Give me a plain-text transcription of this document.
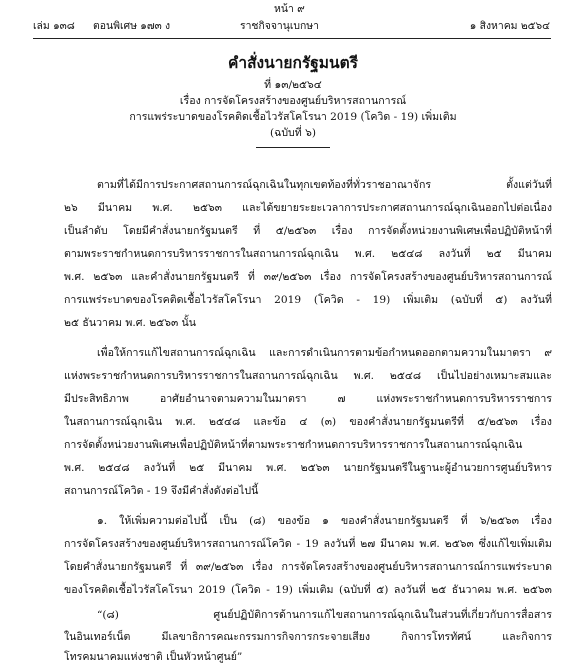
หน้า ๙
เล่ม ๑๓๘ ตอนพิเศษ ๑๗๓ ง	ราชกิจจานุเบกษา	๑ สิงหาคม ๒๕๖๔
คำสั่งนายกรัฐมนตรี
ที่ ๑๓/๒๕๖๔
เรื่อง การจัดโครงสร้างของศูนย์บริหารสถานการณ์
การแพร่ระบาดของโรคติดเชื้อไวรัสโคโรนา 2019 (โควิด - 19) เพิ่มเติม
(ฉบับที่ ๖)
ตามที่ได้มีการประกาศสถานการณ์ฉุกเฉินในทุกเขตท้องที่ทั่วราชอาณาจักร	ตั้งแต่วันที่
๒๖ มีนาคม พ.ศ. ๒๕๖๓ และได้ขยายระยะเวลาการประกาศสถานการณ์ฉุกเฉินออกไปต่อเนื่อง
เป็นลำดับ โดยมีคำสั่งนายกรัฐมนตรี ที่ ๕/๒๕๖๓ เรื่อง การจัดตั้งหน่วยงานพิเศษเพื่อปฏิบัติหน้าที่
ตามพระราชกำหนดการบริหารราชการในสถานการณ์ฉุกเฉิน พ.ศ. ๒๕๔๘ ลงวันที่ ๒๕ มีนาคม
พ.ศ. ๒๕๖๓ และคำสั่งนายกรัฐมนตรี ที่ ๓๙/๒๕๖๓ เรื่อง การจัดโครงสร้างของศูนย์บริหารสถานการณ์
การแพร่ระบาดของโรคติดเชื้อไวรัสโคโรนา 2019 (โควิด - 19) เพิ่มเติม (ฉบับที่ ๕) ลงวันที่
๒๕ ธันวาคม พ.ศ. ๒๕๖๓ นั้น
เพื่อให้การแก้ไขสถานการณ์ฉุกเฉิน และการดำเนินการตามข้อกำหนดออกตามความในมาตรา ๙
แห่งพระราชกำหนดการบริหารราชการในสถานการณ์ฉุกเฉิน พ.ศ. ๒๕๔๘ เป็นไปอย่างเหมาะสมและ
มีประสิทธิภาพ	อาศัยอำนาจตามความในมาตรา	๗	แห่งพระราชกำหนดการบริหารราชการ
ในสถานการณ์ฉุกเฉิน พ.ศ. ๒๕๔๘ และข้อ ๔ (๓) ของคำสั่งนายกรัฐมนตรีที่ ๕/๒๕๖๓ เรื่อง
การจัดตั้งหน่วยงานพิเศษเพื่อปฏิบัติหน้าที่ตามพระราชกำหนดการบริหารราชการในสถานการณ์ฉุกเฉิน
พ.ศ. ๒๕๔๘ ลงวันที่ ๒๕ มีนาคม พ.ศ. ๒๕๖๓ นายกรัฐมนตรีในฐานะผู้อำนวยการศูนย์บริหาร
สถานการณ์โควิด - 19 จึงมีคำสั่งดังต่อไปนี้
๑. ให้เพิ่มความต่อไปนี้ เป็น (๘) ของข้อ ๑ ของคำสั่งนายกรัฐมนตรี ที่ ๖/๒๕๖๓ เรื่อง
การจัดโครงสร้างของศูนย์บริหารสถานการณ์โควิด - 19 ลงวันที่ ๒๗ มีนาคม พ.ศ. ๒๕๖๓ ซึ่งแก้ไขเพิ่มเติม
โดยคำสั่งนายกรัฐมนตรี ที่ ๓๙/๒๕๖๓ เรื่อง การจัดโครงสร้างของศูนย์บริหารสถานการณ์การแพร่ระบาด
ของโรคติดเชื้อไวรัสโคโรนา 2019 (โควิด - 19) เพิ่มเติม (ฉบับที่ ๕) ลงวันที่ ๒๕ ธันวาคม พ.ศ. ๒๕๖๓
“(๘)	ศูนย์ปฏิบัติการด้านการแก้ไขสถานการณ์ฉุกเฉินในส่วนที่เกี่ยวกับการสื่อสาร
ในอินเทอร์เน็ต	มีเลขาธิการคณะกรรมการกิจการกระจายเสียง	กิจการโทรทัศน์	และกิจการ
โทรคมนาคมแห่งชาติ เป็นหัวหน้าศูนย์”
